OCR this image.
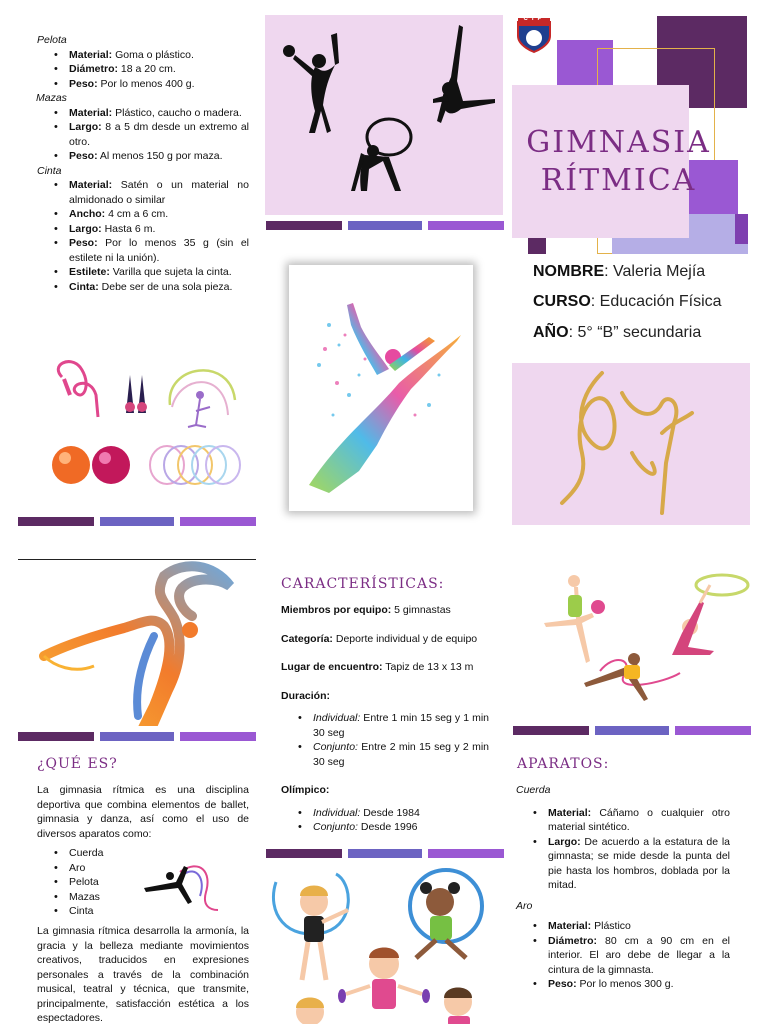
Pelota
• Material: Goma o plástico.
• Diámetro: 18 a 20 cm.
• Peso: Por lo menos 400 g.
Mazas
• Material: Plástico, caucho o madera.
• Largo: 8 a 5 dm desde un extremo al otro.
• Peso: Al menos 150 g por maza.
Cinta
• Material: Satén o un material no almidonado o similar
• Ancho: 4 cm a 6 cm.
• Largo: Hasta 6 m.
• Peso: Por lo menos 35 g (sin el estilete ni la unión).
• Estilete: Varilla que sujeta la cinta.
• Cinta: Debe ser de una sola pieza.
CTP
GIMNASIA
RÍTMICA
NOMBRE: Valeria Mejía
CURSO: Educación Física
AÑO: 5° “B” secundaria
¿QUÉ ES?
La gimnasia rítmica es una disciplina deportiva que combina elementos de ballet, gimnasia y danza, así como el uso de diversos aparatos como:
• Cuerda
• Aro
• Pelota
• Mazas
• Cinta
La gimnasia rítmica desarrolla la armonía, la gracia y la belleza mediante movimientos creativos, traducidos en expresiones personales a través de la combinación musical, teatral y técnica, que transmite, principalmente, satisfacción estética a los espectadores.
CARACTERÍSTICAS:
Miembros por equipo: 5 gimnastas
Categoría: Deporte individual y de equipo
Lugar de encuentro: Tapiz de 13 x 13 m
Duración:
• Individual: Entre 1 min 15 seg y 1 min 30 seg
• Conjunto: Entre 2 min 15 seg y 2 min 30 seg
Olímpico:
• Individual: Desde 1984
• Conjunto: Desde 1996
APARATOS:
Cuerda
• Material: Cáñamo o cualquier otro material sintético.
• Largo: De acuerdo a la estatura de la gimnasta; se mide desde la punta del pie hasta los hombros, doblada por la mitad.
Aro
• Material: Plástico
• Diámetro: 80 cm a 90 cm en el interior. El aro debe de llegar a la cintura de la gimnasta.
• Peso: Por lo menos 300 g.
